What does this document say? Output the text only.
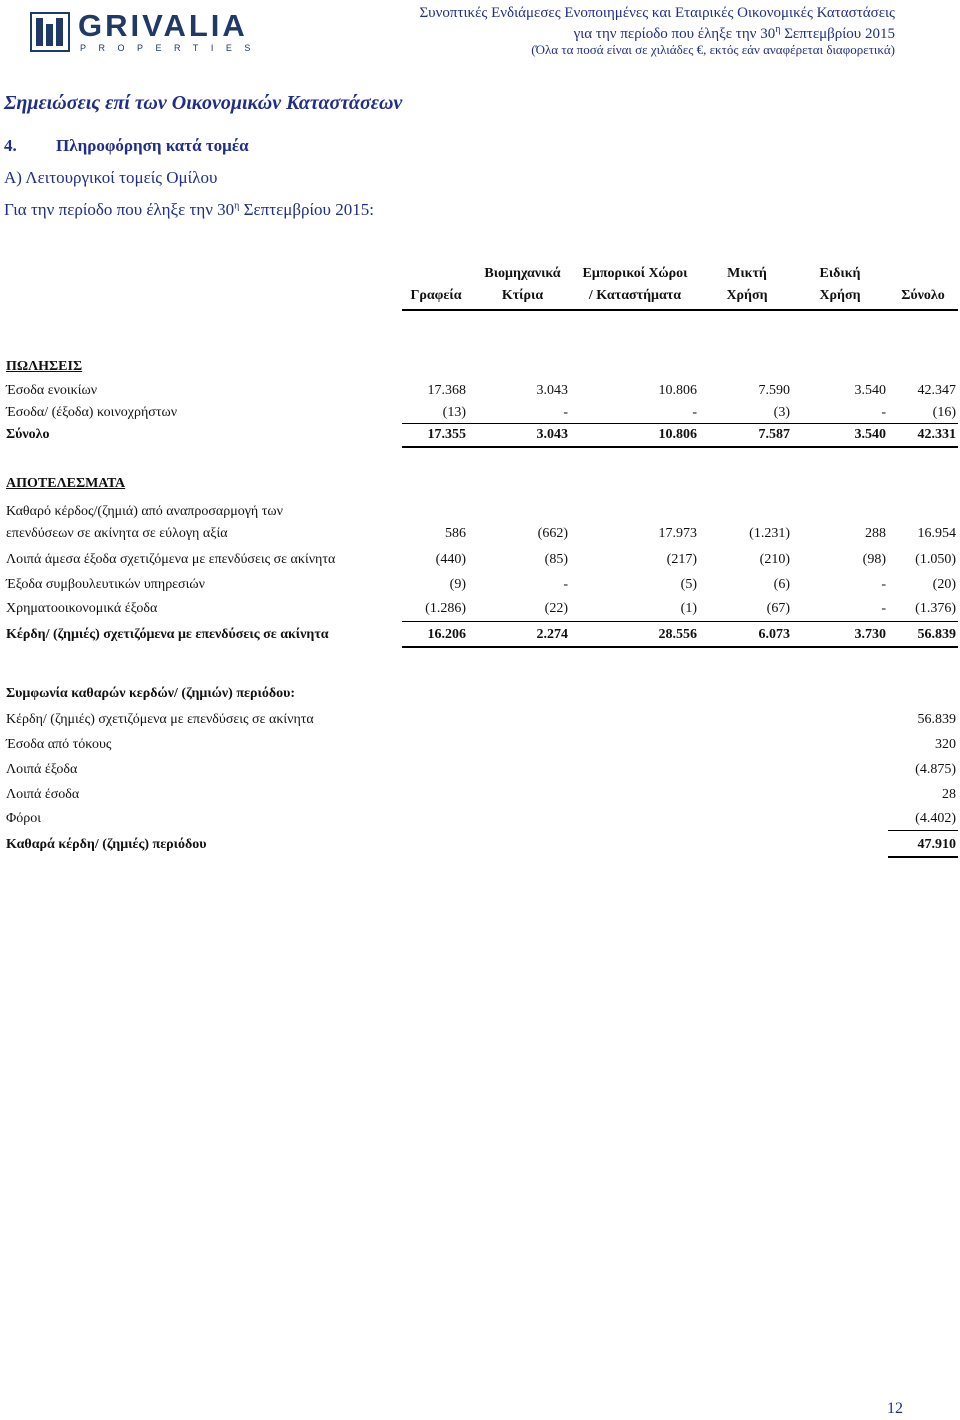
GRIVALIA
PROPERTIES
Συνοπτικές Ενδιάμεσες Ενοποιημένες και Εταιρικές Οικονομικές Καταστάσεις
για την περίοδο που έληξε την $30^\eta$ Σεπτεμβρίου 2015
(Όλα τα ποσά είναι σε χιλιάδες €, εκτός εάν αναφέρεται διαφορετικά)
Σημειώσεις επί των Οικονομικών Καταστάσεων
4. Πληροφόρηση κατά τομέα
Α) Λειτουργικοί τομείς Ομίλου
Για την περίοδο που έληξε την $30^\eta$ Σεπτεμβρίου 2015:
Βιομηχανικά	Εμπορικοί Χώροι	Μικτή	Ειδική
Γραφεία	Κτίρια	/ Καταστήματα	Χρήση	Χρήση	Σύνολο
ΠΩΛΗΣΕΙΣ
Έσοδα ενοικίων	17.368	3.043	10.806	7.590	3.540 42.347
Έσοδα/ (έξοδα) κοινοχρήστων	(13)	-	-	(3)	-	(16)
Σύνολο	17.355	3.043	10.806	7.587	3.540 42.331
ΑΠΟΤΕΛΕΣΜΑΤΑ
Καθαρό κέρδος/(ζημιά) από αναπροσαρμογή των
επενδύσεων σε ακίνητα σε εύλογη αξία	586	(662)	17.973	(1.231)	288 16.954
Λοιπά άμεσα έξοδα σχετιζόμενα με επενδύσεις σε ακίνητα	(440)	(85)	(217)	(210)	(98) (1.050)
Έξοδα συμβουλευτικών υπηρεσιών	(9)	-	(5)	(6)	-	(20)
Χρηματοοικονομικά έξοδα	(1.286)	(22)	(1)	(67)	- (1.376)
Κέρδη/ (ζημιές) σχετιζόμενα με επενδύσεις σε ακίνητα	16.206	2.274	28.556	6.073	3.730 56.839
Συμφωνία καθαρών κερδών/ (ζημιών) περιόδου:
Κέρδη/ (ζημιές) σχετιζόμενα με επενδύσεις σε ακίνητα	56.839
Έσοδα από τόκους	320
Λοιπά έξοδα	(4.875)
Λοιπά έσοδα	28
Φόροι	(4.402)
Καθαρά κέρδη/ (ζημιές) περιόδου	47.910
12
